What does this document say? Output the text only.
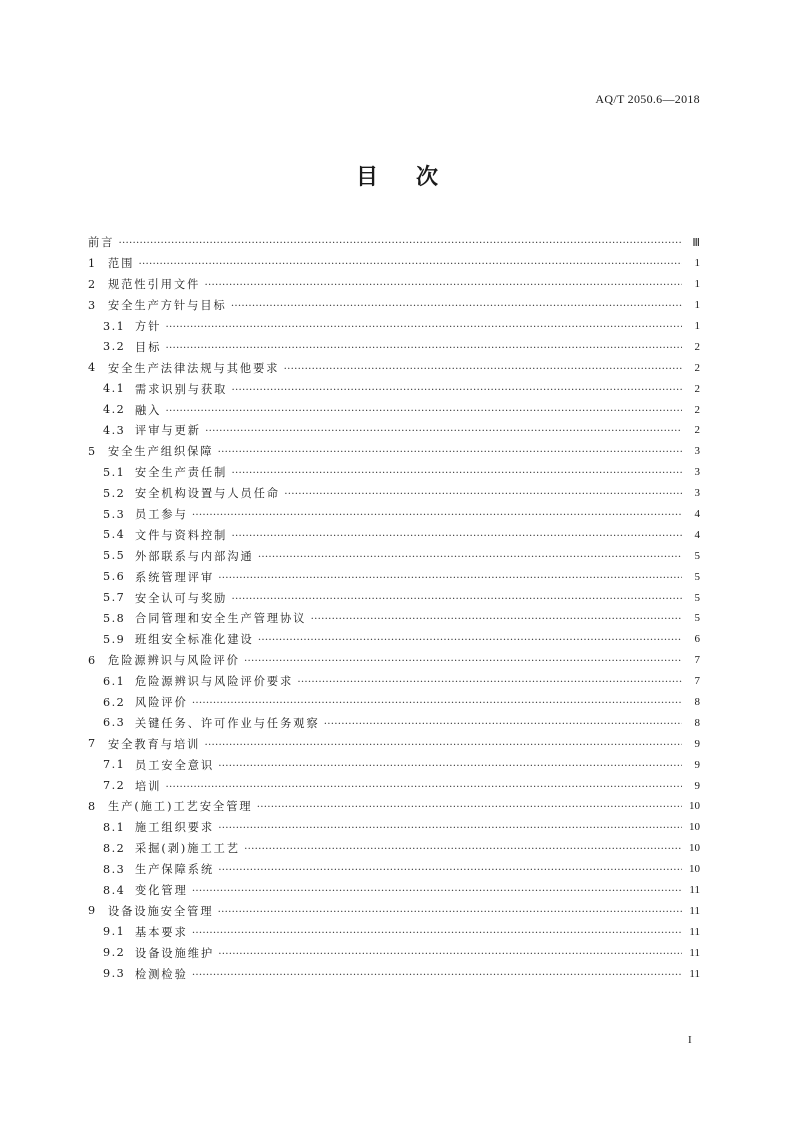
AQ/T 2050.6—2018
目 次
前言 ……………………………………………………………………………………………………………………………………………………………………………………………	Ⅲ
1	范围 ……………………………………………………………………………………………………………………………………………………………………………………………	1
2	规范性引用文件 ……………………………………………………………………………………………………………………………………………………………………………………………	1
3	安全生产方针与目标 ……………………………………………………………………………………………………………………………………………………………………………………………	1
3.1 方针 ……………………………………………………………………………………………………………………………………………………………………………………………	1
3.2 目标 ……………………………………………………………………………………………………………………………………………………………………………………………	2
4	安全生产法律法规与其他要求 ……………………………………………………………………………………………………………………………………………………………………………………………	2
4.1 需求识别与获取 ……………………………………………………………………………………………………………………………………………………………………………………………	2
4.2 融入 ……………………………………………………………………………………………………………………………………………………………………………………………	2
4.3 评审与更新 ……………………………………………………………………………………………………………………………………………………………………………………………	2
5	安全生产组织保障 ……………………………………………………………………………………………………………………………………………………………………………………………	3
5.1 安全生产责任制 ……………………………………………………………………………………………………………………………………………………………………………………………	3
5.2 安全机构设置与人员任命 ……………………………………………………………………………………………………………………………………………………………………………………………	3
5.3 员工参与 ……………………………………………………………………………………………………………………………………………………………………………………………	4
5.4 文件与资料控制 ……………………………………………………………………………………………………………………………………………………………………………………………	4
5.5 外部联系与内部沟通 ……………………………………………………………………………………………………………………………………………………………………………………………	5
5.6 系统管理评审 ……………………………………………………………………………………………………………………………………………………………………………………………	5
5.7 安全认可与奖励 ……………………………………………………………………………………………………………………………………………………………………………………………	5
5.8 合同管理和安全生产管理协议 ……………………………………………………………………………………………………………………………………………………………………………………………	5
5.9 班组安全标准化建设 ……………………………………………………………………………………………………………………………………………………………………………………………	6
6	危险源辨识与风险评价 ……………………………………………………………………………………………………………………………………………………………………………………………	7
6.1 危险源辨识与风险评价要求 ……………………………………………………………………………………………………………………………………………………………………………………………	7
6.2 风险评价 ……………………………………………………………………………………………………………………………………………………………………………………………	8
6.3 关键任务、许可作业与任务观察 ……………………………………………………………………………………………………………………………………………………………………………………………	8
7	安全教育与培训 ……………………………………………………………………………………………………………………………………………………………………………………………	9
7.1 员工安全意识 ……………………………………………………………………………………………………………………………………………………………………………………………	9
7.2 培训 ……………………………………………………………………………………………………………………………………………………………………………………………	9
8	生产(施工)工艺安全管理 ……………………………………………………………………………………………………………………………………………………………………………………………	10
8.1 施工组织要求 ……………………………………………………………………………………………………………………………………………………………………………………………	10
8.2 采掘(剥)施工工艺 ……………………………………………………………………………………………………………………………………………………………………………………………	10
8.3 生产保障系统 ……………………………………………………………………………………………………………………………………………………………………………………………	10
8.4 变化管理 ……………………………………………………………………………………………………………………………………………………………………………………………	11
9	设备设施安全管理 ……………………………………………………………………………………………………………………………………………………………………………………………	11
9.1 基本要求 ……………………………………………………………………………………………………………………………………………………………………………………………	11
9.2 设备设施维护 ……………………………………………………………………………………………………………………………………………………………………………………………	11
9.3 检测检验 ……………………………………………………………………………………………………………………………………………………………………………………………	11
I
